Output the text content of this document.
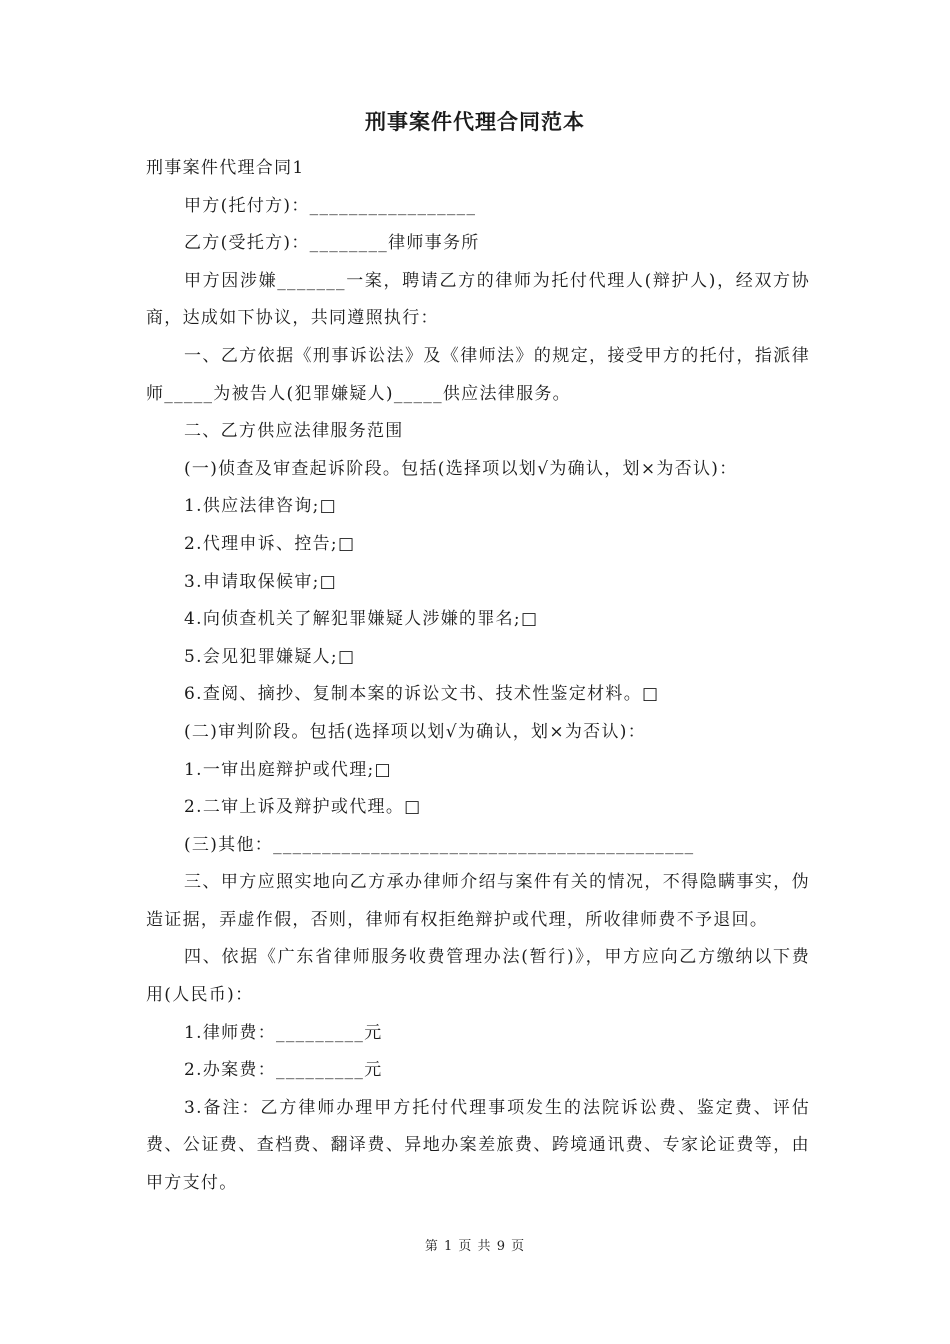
刑事案件代理合同范本

刑事案件代理合同1

甲方(托付方)：_________________

乙方(受托方)：________律师事务所

甲方因涉嫌_______一案，聘请乙方的律师为托付代理人(辩护人)，经双方协商，达成如下协议，共同遵照执行：

一、乙方依据《刑事诉讼法》及《律师法》的规定，接受甲方的托付，指派律师_____为被告人(犯罪嫌疑人)_____供应法律服务。

二、乙方供应法律服务范围

(一)侦查及审查起诉阶段。包括(选择项以划√为确认，划×为否认)：

1.供应法律咨询;□

2.代理申诉、控告;□

3.申请取保候审;□

4.向侦查机关了解犯罪嫌疑人涉嫌的罪名;□

5.会见犯罪嫌疑人;□

6.查阅、摘抄、复制本案的诉讼文书、技术性鉴定材料。□

(二)审判阶段。包括(选择项以划√为确认，划×为否认)：

1.一审出庭辩护或代理;□

2.二审上诉及辩护或代理。□

(三)其他：___________________________________________

三、甲方应照实地向乙方承办律师介绍与案件有关的情况，不得隐瞒事实，伪造证据，弄虚作假，否则，律师有权拒绝辩护或代理，所收律师费不予退回。

四、依据《广东省律师服务收费管理办法(暂行)》，甲方应向乙方缴纳以下费用(人民币)：

1.律师费：_________元

2.办案费：_________元

3.备注：乙方律师办理甲方托付代理事项发生的法院诉讼费、鉴定费、评估费、公证费、查档费、翻译费、异地办案差旅费、跨境通讯费、专家论证费等，由甲方支付。

第 1 页 共 9 页
